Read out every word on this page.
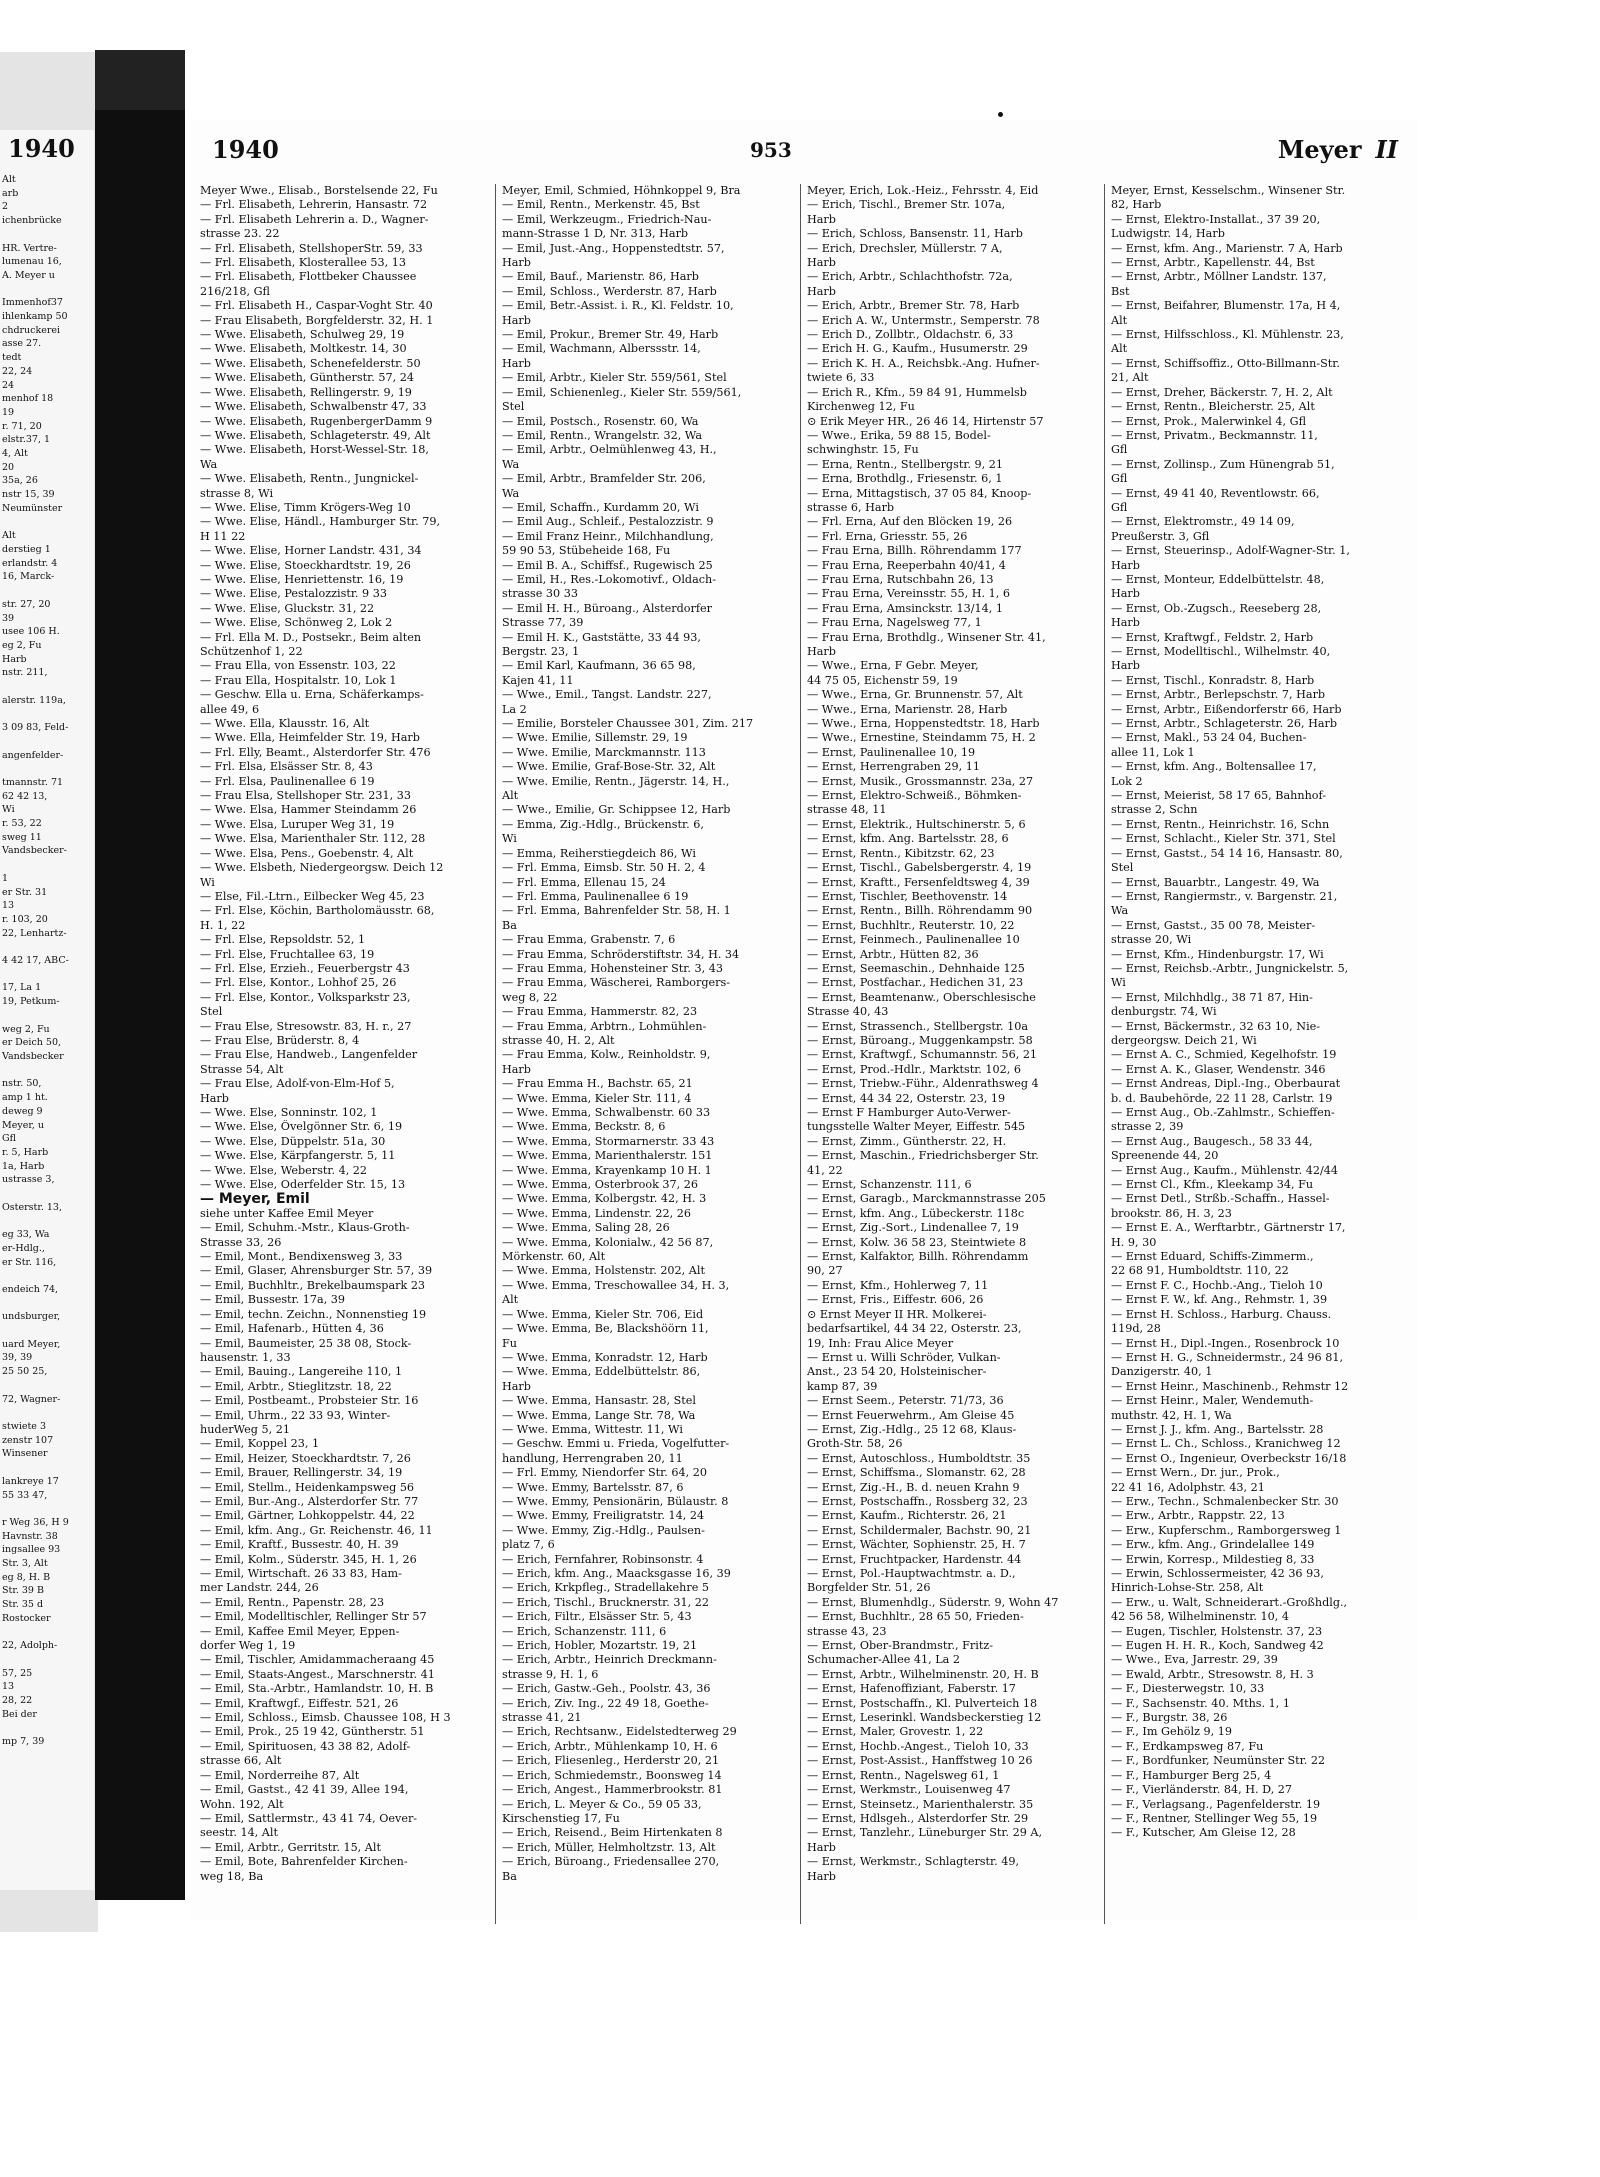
1940
Alt
arb
2
ichenbrücke

HR. Vertre-
lumenau 16,
A. Meyer u

Immenhof37
ihlenkamp 50
chdruckerei
asse 27.
tedt
22, 24
24
menhof 18
19
r. 71, 20
elstr.37, 1
4, Alt
20
35a, 26
nstr 15, 39
Neumünster

Alt
derstieg 1
erlandstr. 4
16, Marck-

str. 27, 20
39
usee 106 H.
eg 2, Fu
Harb
nstr. 211,

alerstr. 119a,

3 09 83, Feld-

angenfelder-

tmannstr. 71
62 42 13,
Wi
r. 53, 22
sweg 11
Vandsbecker-

1
er Str. 31
13
r. 103, 20
22, Lenhartz-

4 42 17, ABC-

17, La 1
19, Petkum-

weg 2, Fu
er Deich 50,
Vandsbecker

nstr. 50,
amp 1 ht.
deweg 9
Meyer, u
Gfl
r. 5, Harb
1a, Harb
ustrasse 3,

Osterstr. 13,

eg 33, Wa
er-Hdlg.,
er Str. 116,

endeich 74,

undsburger,

uard Meyer,
39, 39
25 50 25,

72, Wagner-

stwiete 3
zenstr 107
Winsener

lankreye 17
55 33 47,

r Weg 36, H 9
Havnstr. 38
ingsallee 93
Str. 3, Alt
eg 8, H. B
Str. 39 B
Str. 35 d
Rostocker

22, Adolph-

57, 25
13
28, 22
Bei der

mp 7, 39
1940	953	Meyer II
Meyer Wwe., Elisab., Borstelsende 22, Fu
— Frl. Elisabeth, Lehrerin, Hansastr. 72
— Frl. Elisabeth Lehrerin a. D., Wagner-
strasse 23. 22
— Frl. Elisabeth, StellshoperStr. 59, 33
— Frl. Elisabeth, Klosterallee 53, 13
— Frl. Elisabeth, Flottbeker Chaussee
216/218, Gfl
— Frl. Elisabeth H., Caspar-Voght Str. 40
— Frau Elisabeth, Borgfelderstr. 32, H. 1
— Wwe. Elisabeth, Schulweg 29, 19
— Wwe. Elisabeth, Moltkestr. 14, 30
— Wwe. Elisabeth, Schenefelderstr. 50
— Wwe. Elisabeth, Güntherstr. 57, 24
— Wwe. Elisabeth, Rellingerstr. 9, 19
— Wwe. Elisabeth, Schwalbenstr 47, 33
— Wwe. Elisabeth, RugenbergerDamm 9
— Wwe. Elisabeth, Schlageterstr. 49, Alt
— Wwe. Elisabeth, Horst-Wessel-Str. 18,
Wa
— Wwe. Elisabeth, Rentn., Jungnickel-
strasse 8, Wi
— Wwe. Elise, Timm Krögers-Weg 10
— Wwe. Elise, Händl., Hamburger Str. 79,
H 11 22
— Wwe. Elise, Horner Landstr. 431, 34
— Wwe. Elise, Stoeckhardtstr. 19, 26
— Wwe. Elise, Henriettenstr. 16, 19
— Wwe. Elise, Pestalozzistr. 9 33
— Wwe. Elise, Gluckstr. 31, 22
— Wwe. Elise, Schönweg 2, Lok 2
— Frl. Ella M. D., Postsekr., Beim alten
Schützenhof 1, 22
— Frau Ella, von Essenstr. 103, 22
— Frau Ella, Hospitalstr. 10, Lok 1
— Geschw. Ella u. Erna, Schäferkamps-
allee 49, 6
— Wwe. Ella, Klausstr. 16, Alt
— Wwe. Ella, Heimfelder Str. 19, Harb
— Frl. Elly, Beamt., Alsterdorfer Str. 476
— Frl. Elsa, Elsässer Str. 8, 43
— Frl. Elsa, Paulinenallee 6 19
— Frau Elsa, Stellshoper Str. 231, 33
— Wwe. Elsa, Hammer Steindamm 26
— Wwe. Elsa, Luruper Weg 31, 19
— Wwe. Elsa, Marienthaler Str. 112, 28
— Wwe. Elsa, Pens., Goebenstr. 4, Alt
— Wwe. Elsbeth, Niedergeorgsw. Deich 12
Wi
— Else, Fil.-Ltrn., Eilbecker Weg 45, 23
— Frl. Else, Köchin, Bartholomäusstr. 68,
H. 1, 22
— Frl. Else, Repsoldstr. 52, 1
— Frl. Else, Fruchtallee 63, 19
— Frl. Else, Erzieh., Feuerbergstr 43
— Frl. Else, Kontor., Lohhof 25, 26
— Frl. Else, Kontor., Volksparkstr 23,
Stel
— Frau Else, Stresowstr. 83, H. r., 27
— Frau Else, Brüderstr. 8, 4
— Frau Else, Handweb., Langenfelder
Strasse 54, Alt
— Frau Else, Adolf-von-Elm-Hof 5,
Harb
— Wwe. Else, Sonninstr. 102, 1
— Wwe. Else, Övelgönner Str. 6, 19
— Wwe. Else, Düppelstr. 51a, 30
— Wwe. Else, Kärpfangerstr. 5, 11
— Wwe. Else, Weberstr. 4, 22
— Wwe. Else, Oderfelder Str. 15, 13
— Meyer, Emil
siehe unter Kaffee Emil Meyer
— Emil, Schuhm.-Mstr., Klaus-Groth-
Strasse 33, 26
— Emil, Mont., Bendixensweg 3, 33
— Emil, Glaser, Ahrensburger Str. 57, 39
— Emil, Buchhltr., Brekelbaumspark 23
— Emil, Bussestr. 17a, 39
— Emil, techn. Zeichn., Nonnenstieg 19
— Emil, Hafenarb., Hütten 4, 36
— Emil, Baumeister, 25 38 08, Stock-
hausenstr. 1, 33
— Emil, Bauing., Langereihe 110, 1
— Emil, Arbtr., Stieglitzstr. 18, 22
— Emil, Postbeamt., Probsteier Str. 16
— Emil, Uhrm., 22 33 93, Winter-
huderWeg 5, 21
— Emil, Koppel 23, 1
— Emil, Heizer, Stoeckhardtstr. 7, 26
— Emil, Brauer, Rellingerstr. 34, 19
— Emil, Stellm., Heidenkampsweg 56
— Emil, Bur.-Ang., Alsterdorfer Str. 77
— Emil, Gärtner, Lohkoppelstr. 44, 22
— Emil, kfm. Ang., Gr. Reichenstr. 46, 11
— Emil, Kraftf., Bussestr. 40, H. 39
— Emil, Kolm., Süderstr. 345, H. 1, 26
— Emil, Wirtschaft. 26 33 83, Ham-
mer Landstr. 244, 26
— Emil, Rentn., Papenstr. 28, 23
— Emil, Modelltischler, Rellinger Str 57
— Emil, Kaffee Emil Meyer, Eppen-
dorfer Weg 1, 19
— Emil, Tischler, Amidammacheraang 45
— Emil, Staats-Angest., Marschnerstr. 41
— Emil, Sta.-Arbtr., Hamlandstr. 10, H. B
— Emil, Kraftwgf., Eiffestr. 521, 26
— Emil, Schloss., Eimsb. Chaussee 108, H 3
— Emil, Prok., 25 19 42, Güntherstr. 51
— Emil, Spirituosen, 43 38 82, Adolf-
strasse 66, Alt
— Emil, Norderreihe 87, Alt
— Emil, Gastst., 42 41 39, Allee 194,
Wohn. 192, Alt
— Emil, Sattlermstr., 43 41 74, Oever-
seestr. 14, Alt
— Emil, Arbtr., Gerritstr. 15, Alt
— Emil, Bote, Bahrenfelder Kirchen-
weg 18, Ba
Meyer, Emil, Schmied, Höhnkoppel 9, Bra
— Emil, Rentn., Merkenstr. 45, Bst
— Emil, Werkzeugm., Friedrich-Nau-
mann-Strasse 1 D, Nr. 313, Harb
— Emil, Just.-Ang., Hoppenstedtstr. 57,
Harb
— Emil, Bauf., Marienstr. 86, Harb
— Emil, Schloss., Werderstr. 87, Harb
— Emil, Betr.-Assist. i. R., Kl. Feldstr. 10,
Harb
— Emil, Prokur., Bremer Str. 49, Harb
— Emil, Wachmann, Alberssstr. 14,
Harb
— Emil, Arbtr., Kieler Str. 559/561, Stel
— Emil, Schienenleg., Kieler Str. 559/561,
Stel
— Emil, Postsch., Rosenstr. 60, Wa
— Emil, Rentn., Wrangelstr. 32, Wa
— Emil, Arbtr., Oelmühlenweg 43, H.,
Wa
— Emil, Arbtr., Bramfelder Str. 206,
Wa
— Emil, Schaffn., Kurdamm 20, Wi
— Emil Aug., Schleif., Pestalozzistr. 9
— Emil Franz Heinr., Milchhandlung,
59 90 53, Stübeheide 168, Fu
— Emil B. A., Schiffsf., Rugewisch 25
— Emil, H., Res.-Lokomotivf., Oldach-
strasse 30 33
— Emil H. H., Büroang., Alsterdorfer
Strasse 77, 39
— Emil H. K., Gaststätte, 33 44 93,
Bergstr. 23, 1
— Emil Karl, Kaufmann, 36 65 98,
Kajen 41, 11
— Wwe., Emil., Tangst. Landstr. 227,
La 2
— Emilie, Borsteler Chaussee 301, Zim. 217
— Wwe. Emilie, Sillemstr. 29, 19
— Wwe. Emilie, Marckmannstr. 113
— Wwe. Emilie, Graf-Bose-Str. 32, Alt
— Wwe. Emilie, Rentn., Jägerstr. 14, H.,
Alt
— Wwe., Emilie, Gr. Schippsee 12, Harb
— Emma, Zig.-Hdlg., Brückenstr. 6,
Wi
— Emma, Reiherstiegdeich 86, Wi
— Frl. Emma, Eimsb. Str. 50 H. 2, 4
— Frl. Emma, Ellenau 15, 24
— Frl. Emma, Paulinenallee 6 19
— Frl. Emma, Bahrenfelder Str. 58, H. 1
Ba
— Frau Emma, Grabenstr. 7, 6
— Frau Emma, Schröderstiftstr. 34, H. 34
— Frau Emma, Hohensteiner Str. 3, 43
— Frau Emma, Wäscherei, Ramborgers-
weg 8, 22
— Frau Emma, Hammerstr. 82, 23
— Frau Emma, Arbtrn., Lohmühlen-
strasse 40, H. 2, Alt
— Frau Emma, Kolw., Reinholdstr. 9,
Harb
— Frau Emma H., Bachstr. 65, 21
— Wwe. Emma, Kieler Str. 111, 4
— Wwe. Emma, Schwalbenstr. 60 33
— Wwe. Emma, Beckstr. 8, 6
— Wwe. Emma, Stormarnerstr. 33 43
— Wwe. Emma, Marienthalerstr. 151
— Wwe. Emma, Krayenkamp 10 H. 1
— Wwe. Emma, Osterbrook 37, 26
— Wwe. Emma, Kolbergstr. 42, H. 3
— Wwe. Emma, Lindenstr. 22, 26
— Wwe. Emma, Saling 28, 26
— Wwe. Emma, Kolonialw., 42 56 87,
Mörkenstr. 60, Alt
— Wwe. Emma, Holstenstr. 202, Alt
— Wwe. Emma, Treschowallee 34, H. 3,
Alt
— Wwe. Emma, Kieler Str. 706, Eid
— Wwe. Emma, Be, Blackshöörn 11,
Fu
— Wwe. Emma, Konradstr. 12, Harb
— Wwe. Emma, Eddelbüttelstr. 86,
Harb
— Wwe. Emma, Hansastr. 28, Stel
— Wwe. Emma, Lange Str. 78, Wa
— Wwe. Emma, Wittestr. 11, Wi
— Geschw. Emmi u. Frieda, Vogelfutter-
handlung, Herrengraben 20, 11
— Frl. Emmy, Niendorfer Str. 64, 20
— Wwe. Emmy, Bartelsstr. 87, 6
— Wwe. Emmy, Pensionärin, Bülaustr. 8
— Wwe. Emmy, Freiligratstr. 14, 24
— Wwe. Emmy, Zig.-Hdlg., Paulsen-
platz 7, 6
— Erich, Fernfahrer, Robinsonstr. 4
— Erich, kfm. Ang., Maacksgasse 16, 39
— Erich, Krkpfleg., Stradellakehre 5
— Erich, Tischl., Brucknerstr. 31, 22
— Erich, Filtr., Elsässer Str. 5, 43
— Erich, Schanzenstr. 111, 6
— Erich, Hobler, Mozartstr. 19, 21
— Erich, Arbtr., Heinrich Dreckmann-
strasse 9, H. 1, 6
— Erich, Gastw.-Geh., Poolstr. 43, 36
— Erich, Ziv. Ing., 22 49 18, Goethe-
strasse 41, 21
— Erich, Rechtsanw., Eidelstedterweg 29
— Erich, Arbtr., Mühlenkamp 10, H. 6
— Erich, Fliesenleg., Herderstr 20, 21
— Erich, Schmiedemstr., Boonsweg 14
— Erich, Angest., Hammerbrookstr. 81
— Erich, L. Meyer & Co., 59 05 33,
Kirschenstieg 17, Fu
— Erich, Reisend., Beim Hirtenkaten 8
— Erich, Müller, Helmholtzstr. 13, Alt
— Erich, Büroang., Friedensallee 270,
Ba
Meyer, Erich, Lok.-Heiz., Fehrsstr. 4, Eid
— Erich, Tischl., Bremer Str. 107a,
Harb
— Erich, Schloss, Bansenstr. 11, Harb
— Erich, Drechsler, Müllerstr. 7 A,
Harb
— Erich, Arbtr., Schlachthofstr. 72a,
Harb
— Erich, Arbtr., Bremer Str. 78, Harb
— Erich A. W., Untermstr., Semperstr. 78
— Erich D., Zollbtr., Oldachstr. 6, 33
— Erich H. G., Kaufm., Husumerstr. 29
— Erich K. H. A., Reichsbk.-Ang. Hufner-
twiete 6, 33
— Erich R., Kfm., 59 84 91, Hummelsb
Kirchenweg 12, Fu
⊙ Erik Meyer HR., 26 46 14, Hirtenstr 57
— Wwe., Erika, 59 88 15, Bodel-
schwinghstr. 15, Fu
— Erna, Rentn., Stellbergstr. 9, 21
— Erna, Brothdlg., Friesenstr. 6, 1
— Erna, Mittagstisch, 37 05 84, Knoop-
strasse 6, Harb
— Frl. Erna, Auf den Blöcken 19, 26
— Frl. Erna, Griesstr. 55, 26
— Frau Erna, Billh. Röhrendamm 177
— Frau Erna, Reeperbahn 40/41, 4
— Frau Erna, Rutschbahn 26, 13
— Frau Erna, Vereinsstr. 55, H. 1, 6
— Frau Erna, Amsinckstr. 13/14, 1
— Frau Erna, Nagelsweg 77, 1
— Frau Erna, Brothdlg., Winsener Str. 41,
Harb
— Wwe., Erna, F Gebr. Meyer,
44 75 05, Eichenstr 59, 19
— Wwe., Erna, Gr. Brunnenstr. 57, Alt
— Wwe., Erna, Marienstr. 28, Harb
— Wwe., Erna, Hoppenstedtstr. 18, Harb
— Wwe., Ernestine, Steindamm 75, H. 2
— Ernst, Paulinenallee 10, 19
— Ernst, Herrengraben 29, 11
— Ernst, Musik., Grossmannstr. 23a, 27
— Ernst, Elektro-Schweiß., Böhmken-
strasse 48, 11
— Ernst, Elektrik., Hultschinerstr. 5, 6
— Ernst, kfm. Ang. Bartelsstr. 28, 6
— Ernst, Rentn., Kibitzstr. 62, 23
— Ernst, Tischl., Gabelsbergerstr. 4, 19
— Ernst, Kraftt., Fersenfeldtsweg 4, 39
— Ernst, Tischler, Beethovenstr. 14
— Ernst, Rentn., Billh. Röhrendamm 90
— Ernst, Buchhltr., Reuterstr. 10, 22
— Ernst, Feinmech., Paulinenallee 10
— Ernst, Arbtr., Hütten 82, 36
— Ernst, Seemaschin., Dehnhaide 125
— Ernst, Postfachar., Hedichen 31, 23
— Ernst, Beamtenanw., Oberschlesische
Strasse 40, 43
— Ernst, Strassench., Stellbergstr. 10a
— Ernst, Büroang., Muggenkampstr. 58
— Ernst, Kraftwgf., Schumannstr. 56, 21
— Ernst, Prod.-Hdlr., Marktstr. 102, 6
— Ernst, Triebw.-Führ., Aldenrathsweg 4
— Ernst, 44 34 22, Osterstr. 23, 19
— Ernst F Hamburger Auto-Verwer-
tungsstelle Walter Meyer, Eiffestr. 545
— Ernst, Zimm., Güntherstr. 22, H.
— Ernst, Maschin., Friedrichsberger Str.
41, 22
— Ernst, Schanzenstr. 111, 6
— Ernst, Garagb., Marckmannstrasse 205
— Ernst, kfm. Ang., Lübeckerstr. 118c
— Ernst, Zig.-Sort., Lindenallee 7, 19
— Ernst, Kolw. 36 58 23, Steintwiete 8
— Ernst, Kalfaktor, Billh. Röhrendamm
90, 27
— Ernst, Kfm., Hohlerweg 7, 11
— Ernst, Fris., Eiffestr. 606, 26
⊙ Ernst Meyer II HR. Molkerei-
bedarfsartikel, 44 34 22, Osterstr. 23,
19, Inh: Frau Alice Meyer
— Ernst u. Willi Schröder, Vulkan-
Anst., 23 54 20, Holsteinischer-
kamp 87, 39
— Ernst Seem., Peterstr. 71/73, 36
— Ernst Feuerwehrm., Am Gleise 45
— Ernst, Zig.-Hdlg., 25 12 68, Klaus-
Groth-Str. 58, 26
— Ernst, Autoschloss., Humboldtstr. 35
— Ernst, Schiffsma., Slomanstr. 62, 28
— Ernst, Zig.-H., B. d. neuen Krahn 9
— Ernst, Postschaffn., Rossberg 32, 23
— Ernst, Kaufm., Richterstr. 26, 21
— Ernst, Schildermaler, Bachstr. 90, 21
— Ernst, Wächter, Sophienstr. 25, H. 7
— Ernst, Fruchtpacker, Hardenstr. 44
— Ernst, Pol.-Hauptwachtmstr. a. D.,
Borgfelder Str. 51, 26
— Ernst, Blumenhdlg., Süderstr. 9, Wohn 47
— Ernst, Buchhltr., 28 65 50, Frieden-
strasse 43, 23
— Ernst, Ober-Brandmstr., Fritz-
Schumacher-Allee 41, La 2
— Ernst, Arbtr., Wilhelminenstr. 20, H. B
— Ernst, Hafenoffiziant, Faberstr. 17
— Ernst, Postschaffn., Kl. Pulverteich 18
— Ernst, Leserinkl. Wandsbeckerstieg 12
— Ernst, Maler, Grovestr. 1, 22
— Ernst, Hochb.-Angest., Tieloh 10, 33
— Ernst, Post-Assist., Hanffstweg 10 26
— Ernst, Rentn., Nagelsweg 61, 1
— Ernst, Werkmstr., Louisenweg 47
— Ernst, Steinsetz., Marienthalerstr. 35
— Ernst, Hdlsgeh., Alsterdorfer Str. 29
— Ernst, Tanzlehr., Lüneburger Str. 29 A,
Harb
— Ernst, Werkmstr., Schlagterstr. 49,
Harb
Meyer, Ernst, Kesselschm., Winsener Str.
82, Harb
— Ernst, Elektro-Installat., 37 39 20,
Ludwigstr. 14, Harb
— Ernst, kfm. Ang., Marienstr. 7 A, Harb
— Ernst, Arbtr., Kapellenstr. 44, Bst
— Ernst, Arbtr., Möllner Landstr. 137,
Bst
— Ernst, Beifahrer, Blumenstr. 17a, H 4,
Alt
— Ernst, Hilfsschloss., Kl. Mühlenstr. 23,
Alt
— Ernst, Schiffsoffiz., Otto-Billmann-Str.
21, Alt
— Ernst, Dreher, Bäckerstr. 7, H. 2, Alt
— Ernst, Rentn., Bleicherstr. 25, Alt
— Ernst, Prok., Malerwinkel 4, Gfl
— Ernst, Privatm., Beckmannstr. 11,
Gfl
— Ernst, Zollinsp., Zum Hünengrab 51,
Gfl
— Ernst, 49 41 40, Reventlowstr. 66,
Gfl
— Ernst, Elektromstr., 49 14 09,
Preußerstr. 3, Gfl
— Ernst, Steuerinsp., Adolf-Wagner-Str. 1,
Harb
— Ernst, Monteur, Eddelbüttelstr. 48,
Harb
— Ernst, Ob.-Zugsch., Reeseberg 28,
Harb
— Ernst, Kraftwgf., Feldstr. 2, Harb
— Ernst, Modelltischl., Wilhelmstr. 40,
Harb
— Ernst, Tischl., Konradstr. 8, Harb
— Ernst, Arbtr., Berlepschstr. 7, Harb
— Ernst, Arbtr., Eißendorferstr 66, Harb
— Ernst, Arbtr., Schlageterstr. 26, Harb
— Ernst, Makl., 53 24 04, Buchen-
allee 11, Lok 1
— Ernst, kfm. Ang., Boltensallee 17,
Lok 2
— Ernst, Meierist, 58 17 65, Bahnhof-
strasse 2, Schn
— Ernst, Rentn., Heinrichstr. 16, Schn
— Ernst, Schlacht., Kieler Str. 371, Stel
— Ernst, Gastst., 54 14 16, Hansastr. 80,
Stel
— Ernst, Bauarbtr., Langestr. 49, Wa
— Ernst, Rangiermstr., v. Bargenstr. 21,
Wa
— Ernst, Gastst., 35 00 78, Meister-
strasse 20, Wi
— Ernst, Kfm., Hindenburgstr. 17, Wi
— Ernst, Reichsb.-Arbtr., Jungnickelstr. 5,
Wi
— Ernst, Milchhdlg., 38 71 87, Hin-
denburgstr. 74, Wi
— Ernst, Bäckermstr., 32 63 10, Nie-
dergeorgsw. Deich 21, Wi
— Ernst A. C., Schmied, Kegelhofstr. 19
— Ernst A. K., Glaser, Wendenstr. 346
— Ernst Andreas, Dipl.-Ing., Oberbaurat
b. d. Baubehörde, 22 11 28, Carlstr. 19
— Ernst Aug., Ob.-Zahlmstr., Schieffen-
strasse 2, 39
— Ernst Aug., Baugesch., 58 33 44,
Spreenende 44, 20
— Ernst Aug., Kaufm., Mühlenstr. 42/44
— Ernst Cl., Kfm., Kleekamp 34, Fu
— Ernst Detl., Strßb.-Schaffn., Hassel-
brookstr. 86, H. 3, 23
— Ernst E. A., Werftarbtr., Gärtnerstr 17,
H. 9, 30
— Ernst Eduard, Schiffs-Zimmerm.,
22 68 91, Humboldtstr. 110, 22
— Ernst F. C., Hochb.-Ang., Tieloh 10
— Ernst F. W., kf. Ang., Rehmstr. 1, 39
— Ernst H. Schloss., Harburg. Chauss.
119d, 28
— Ernst H., Dipl.-Ingen., Rosenbrock 10
— Ernst H. G., Schneidermstr., 24 96 81,
Danzigerstr. 40, 1
— Ernst Heinr., Maschinenb., Rehmstr 12
— Ernst Heinr., Maler, Wendemuth-
muthstr. 42, H. 1, Wa
— Ernst J. J., kfm. Ang., Bartelsstr. 28
— Ernst L. Ch., Schloss., Kranichweg 12
— Ernst O., Ingenieur, Overbeckstr 16/18
— Ernst Wern., Dr. jur., Prok.,
22 41 16, Adolphstr. 43, 21
— Erw., Techn., Schmalenbecker Str. 30
— Erw., Arbtr., Rappstr. 22, 13
— Erw., Kupferschm., Ramborgersweg 1
— Erw., kfm. Ang., Grindelallee 149
— Erwin, Korresp., Mildestieg 8, 33
— Erwin, Schlossermeister, 42 36 93,
Hinrich-Lohse-Str. 258, Alt
— Erw., u. Walt, Schneiderart.-Großhdlg.,
42 56 58, Wilhelminenstr. 10, 4
— Eugen, Tischler, Holstenstr. 37, 23
— Eugen H. H. R., Koch, Sandweg 42
— Wwe., Eva, Jarrestr. 29, 39
— Ewald, Arbtr., Stresowstr. 8, H. 3
— F., Diesterwegstr. 10, 33
— F., Sachsenstr. 40. Mths. 1, 1
— F., Burgstr. 38, 26
— F., Im Gehölz 9, 19
— F., Erdkampsweg 87, Fu
— F., Bordfunker, Neumünster Str. 22
— F., Hamburger Berg 25, 4
— F., Vierländerstr. 84, H. D, 27
— F., Verlagsang., Pagenfelderstr. 19
— F., Rentner, Stellinger Weg 55, 19
— F., Kutscher, Am Gleise 12, 28
